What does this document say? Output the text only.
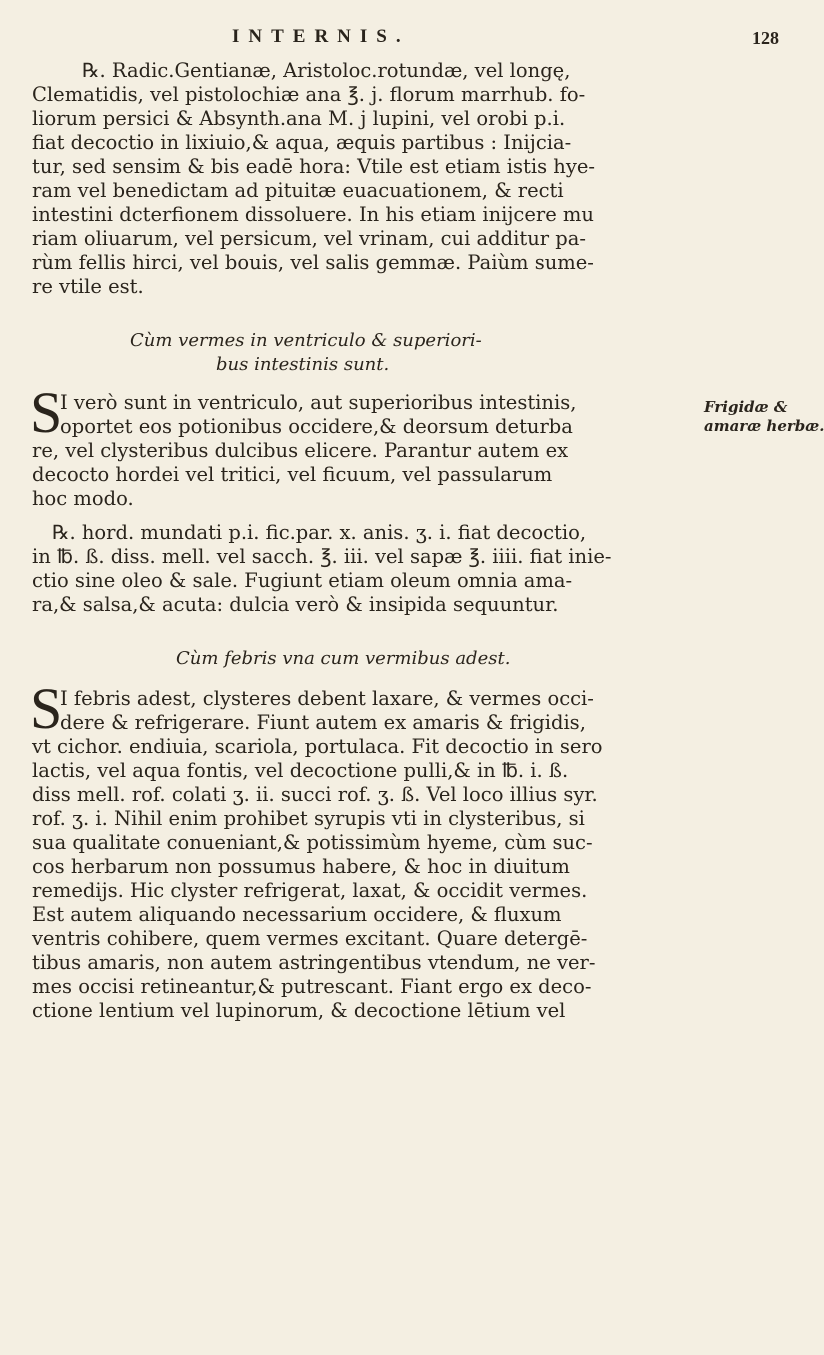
INTERNIS.	128
℞. Radic.Gentianæ, Aristoloc.rotundæ, vel longę,
Clematidis, vel pistolochiæ ana ℥. j. florum marrhub. fo-
liorum persici & Absynth.ana M. j lupini, vel orobi p.i.
fiat decoctio in lixiuio,& aqua, æquis partibus : Inijcia-
tur, sed sensim & bis eadē hora: Vtile est etiam istis hye-
ram vel benedictam ad pituitæ euacuationem, & recti
intestini dcterfionem dissoluere. In his etiam inijcere mu
riam oliuarum, vel persicum, vel vrinam, cui additur pa-
rùm fellis hirci, vel bouis, vel salis gemmæ. Paiùm sume-
re vtile est.
Cùm vermes in ventriculo & superiori-
bus intestinis sunt.
S
I verò sunt in ventriculo, aut superioribus intestinis,
oportet eos potionibus occidere,& deorsum deturba
re, vel clysteribus dulcibus elicere. Parantur autem ex
decocto hordei vel tritici, vel ficuum, vel passularum
hoc modo.
℞. hord. mundati p.i. fic.par. x. anis. ʒ. i. fiat decoctio,
in ℔. ß. diss. mell. vel sacch. ℥. iii. vel sapæ ℥. iiii. fiat inie-
ctio sine oleo & sale. Fugiunt etiam oleum omnia ama-
ra,& salsa,& acuta: dulcia verò & insipida sequuntur.
Frigidæ &
amaræ herbæ.
Cùm febris vna cum vermibus adest.
S
I febris adest, clysteres debent laxare, & vermes occi-
dere & refrigerare. Fiunt autem ex amaris & frigidis,
vt cichor. endiuia, scariola, portulaca. Fit decoctio in sero
lactis, vel aqua fontis, vel decoctione pulli,& in ℔. i. ß.
diss mell. rof. colati ʒ. ii. succi rof. ʒ. ß. Vel loco illius syr.
rof. ʒ. i. Nihil enim prohibet syrupis vti in clysteribus, si
sua qualitate conueniant,& potissimùm hyeme, cùm suc-
cos herbarum non possumus habere, & hoc in diuitum
remedijs. Hic clyster refrigerat, laxat, & occidit vermes.
Est autem aliquando necessarium occidere, & fluxum
ventris cohibere, quem vermes excitant. Quare detergē-
tibus amaris, non autem astringentibus vtendum, ne ver-
mes occisi retineantur,& putrescant. Fiant ergo ex deco-
ctione lentium vel lupinorum, & decoctione lētium vel
